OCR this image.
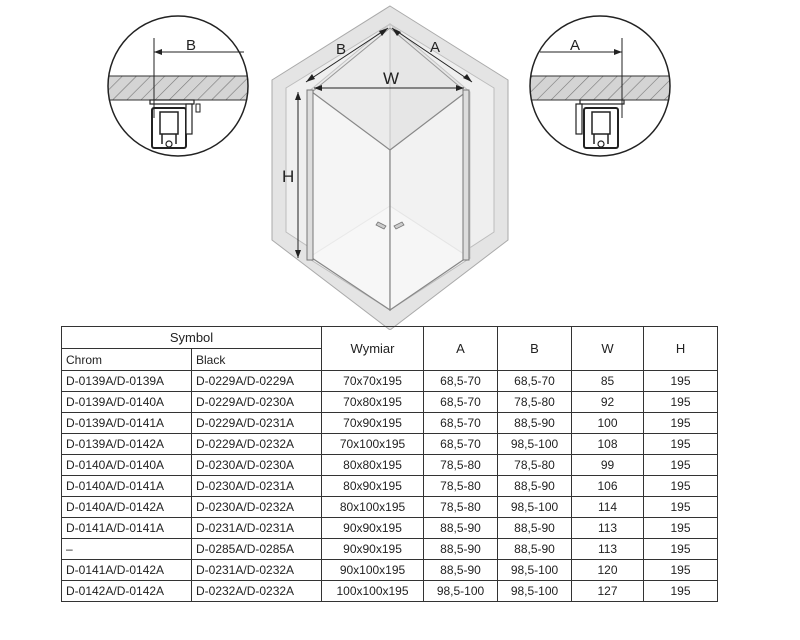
B	A
B	A
W
H
Symbol		Wymiar	A	B	W	H
Chrom	Black					
D-0139A/D-0139A	D-0229A/D-0229A	70x70x195	68,5-70	68,5-70	85	195
D-0139A/D-0140A	D-0229A/D-0230A	70x80x195	68,5-70	78,5-80	92	195
D-0139A/D-0141A	D-0229A/D-0231A	70x90x195	68,5-70	88,5-90	100	195
D-0139A/D-0142A	D-0229A/D-0232A	70x100x195	68,5-70	98,5-100	108	195
D-0140A/D-0140A	D-0230A/D-0230A	80x80x195	78,5-80	78,5-80	99	195
D-0140A/D-0141A	D-0230A/D-0231A	80x90x195	78,5-80	88,5-90	106	195
D-0140A/D-0142A	D-0230A/D-0232A	80x100x195	78,5-80	98,5-100	114	195
D-0141A/D-0141A	D-0231A/D-0231A	90x90x195	88,5-90	88,5-90	113	195
–	D-0285A/D-0285A	90x90x195	88,5-90	88,5-90	113	195
D-0141A/D-0142A	D-0231A/D-0232A	90x100x195	88,5-90	98,5-100	120	195
D-0142A/D-0142A	D-0232A/D-0232A	100x100x195	98,5-100	98,5-100	127	195
